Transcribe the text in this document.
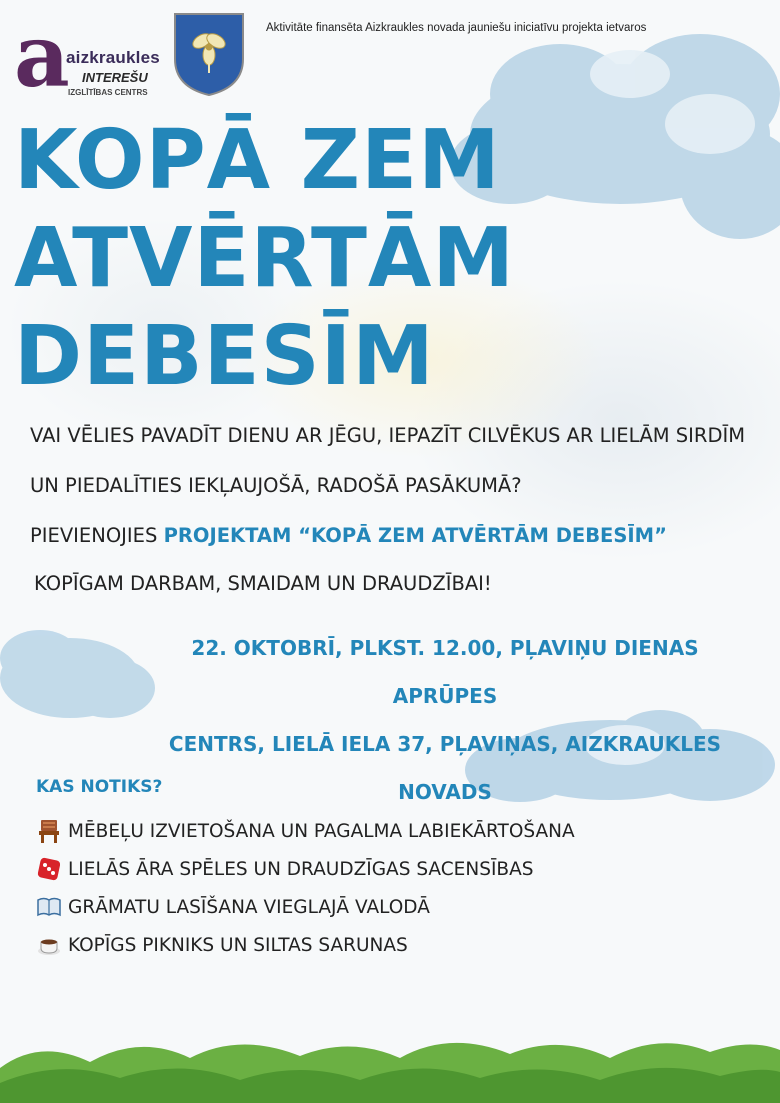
a
aizkraukles
INTEREŠU
IZGLĪTĪBAS CENTRS
Aktivitāte finansēta Aizkraukles novada jauniešu iniciatīvu projekta ietvaros
KOPĀ ZEM
ATVĒRTĀM
DEBESĪM
VAI VĒLIES PAVADĪT DIENU AR JĒGU, IEPAZĪT CILVĒKUS AR LIELĀM SIRDĪM
UN PIEDALĪTIES IEKĻAUJOŠĀ, RADOŠĀ PASĀKUMĀ?
PIEVIENOJIES PROJEKTAM “KOPĀ ZEM ATVĒRTĀM DEBESĪM”
KOPĪGAM DARBAM, SMAIDAM UN DRAUDZĪBAI!
22. OKTOBRĪ, PLKST. 12.00, PĻAVIŅU DIENAS APRŪPES
CENTRS, LIELĀ IELA 37, PĻAVIŅAS, AIZKRAUKLES NOVADS
KAS NOTIKS?
MĒBEĻU IZVIETOŠANA UN PAGALMA LABIEKĀRTOŠANA
LIELĀS ĀRA SPĒLES UN DRAUDZĪGAS SACENSĪBAS
GRĀMATU LASĪŠANA VIEGLAJĀ VALODĀ
KOPĪGS PIKNIKS UN SILTAS SARUNAS
